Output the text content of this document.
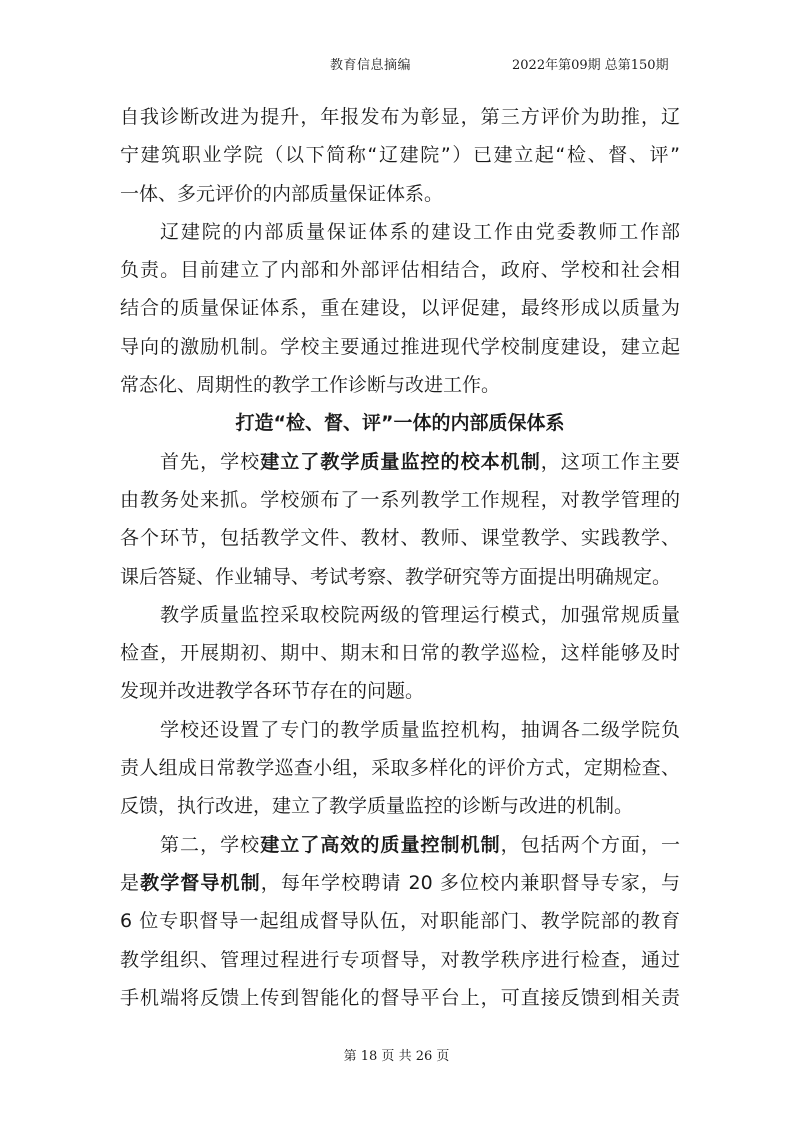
教育信息摘编	2022年第09期 总第150期
自我诊断改进为提升，年报发布为彰显，第三方评价为助推，辽
宁建筑职业学院（以下简称“辽建院”）已建立起“检、督、评”
一体、多元评价的内部质量保证体系。
辽建院的内部质量保证体系的建设工作由党委教师工作部
负责。目前建立了内部和外部评估相结合，政府、学校和社会相
结合的质量保证体系，重在建设，以评促建，最终形成以质量为
导向的激励机制。学校主要通过推进现代学校制度建设，建立起
常态化、周期性的教学工作诊断与改进工作。
打造“检、督、评”一体的内部质保体系
首先，学校建立了教学质量监控的校本机制，这项工作主要
由教务处来抓。学校颁布了一系列教学工作规程，对教学管理的
各个环节，包括教学文件、教材、教师、课堂教学、实践教学、
课后答疑、作业辅导、考试考察、教学研究等方面提出明确规定。
教学质量监控采取校院两级的管理运行模式，加强常规质量
检查，开展期初、期中、期末和日常的教学巡检，这样能够及时
发现并改进教学各环节存在的问题。
学校还设置了专门的教学质量监控机构，抽调各二级学院负
责人组成日常教学巡查小组，采取多样化的评价方式，定期检查、
反馈，执行改进，建立了教学质量监控的诊断与改进的机制。
第二，学校建立了高效的质量控制机制，包括两个方面，一
是教学督导机制，每年学校聘请 20 多位校内兼职督导专家，与
6 位专职督导一起组成督导队伍，对职能部门、教学院部的教育
教学组织、管理过程进行专项督导，对教学秩序进行检查，通过
手机端将反馈上传到智能化的督导平台上，可直接反馈到相关责
第 18 页 共 26 页
